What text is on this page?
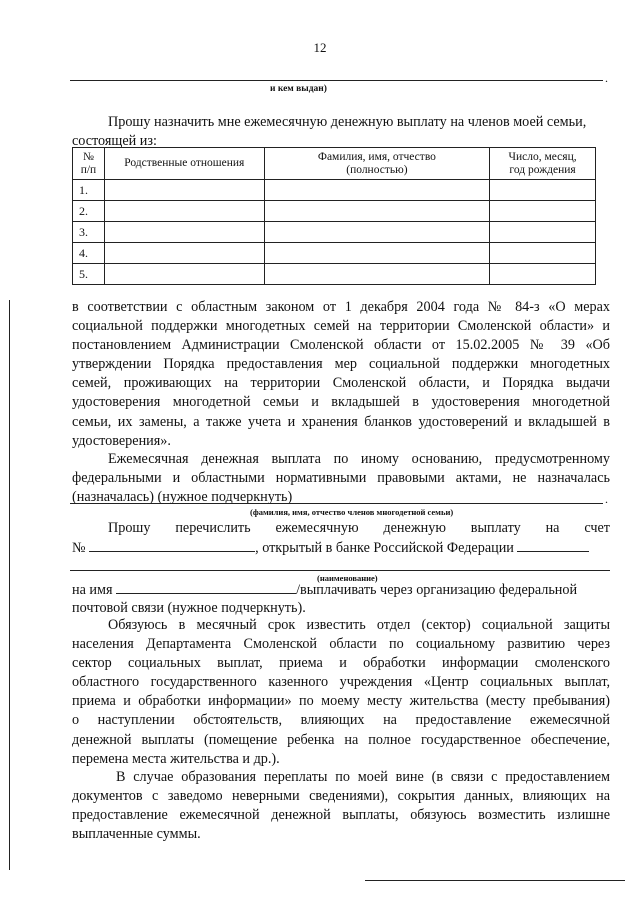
12
.
и кем выдан)

Прошу назначить мне ежемесячную денежную выплату на членов моей семьи,
состоящей из:

№
п/п	Родственные отношения	Фамилия, имя, отчество
(полностью)	Число, месяц,
год рождения
1.			
2.			
3.			
4.			
5.			

в соответствии с областным законом от 1 декабря 2004 года № 84-з «О мерах
социальной поддержки многодетных семей на территории Смоленской области» и
постановлением Администрации Смоленской области от 15.02.2005 № 39 «Об
утверждении Порядка предоставления мер социальной поддержки многодетных
семей, проживающих на территории Смоленской области, и Порядка выдачи
удостоверения многодетной семьи и вкладышей в удостоверения многодетной
семьи, их замены, а также учета и хранения бланков удостоверений и вкладышей в
удостоверения».

Ежемесячная денежная выплата по иному основанию, предусмотренному
федеральными и областными нормативными правовыми актами, не назначалась
(назначалась) (нужное подчеркнуть)	.
(фамилия, имя, отчество членов многодетной семьи)
Прошу перечислить ежемесячную денежную выплату на счет
№	, открытый в банке Российской Федерации
(наименование)
на имя	/выплачивать через организацию федеральной
почтовой связи (нужное подчеркнуть).

Обязуюсь в месячный срок известить отдел (сектор) социальной защиты
населения Департамента Смоленской области по социальному развитию через
сектор социальных выплат, приема и обработки информации смоленского
областного государственного казенного учреждения «Центр социальных выплат,
приема и обработки информации» по моему месту жительства (месту пребывания)
о наступлении обстоятельств, влияющих на предоставление ежемесячной
денежной выплаты (помещение ребенка на полное государственное обеспечение,
перемена места жительства и др.).

В случае образования переплаты по моей вине (в связи с предоставлением
документов с заведомо неверными сведениями), сокрытия данных, влияющих на
предоставление ежемесячной денежной выплаты, обязуюсь возместить излишне
выплаченные суммы.
